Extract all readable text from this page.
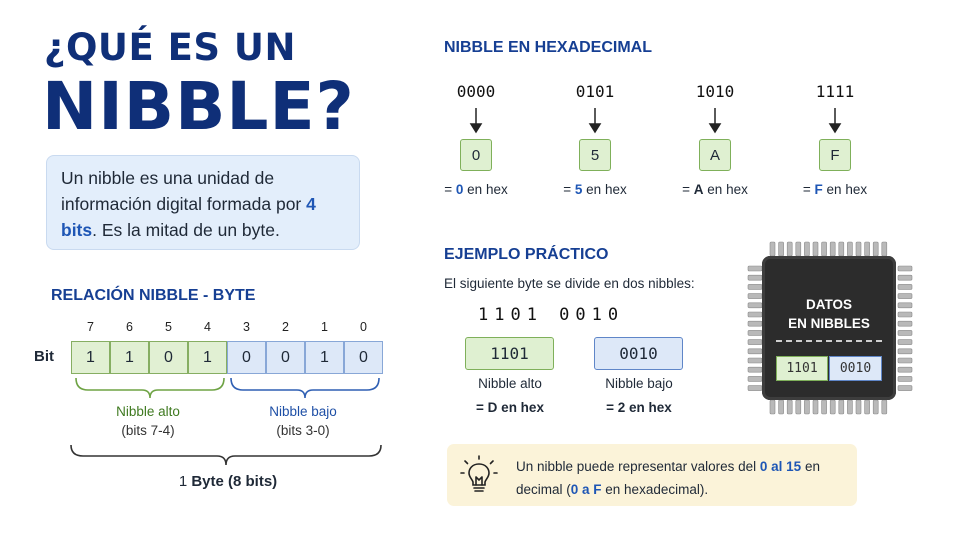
¿QUÉ ES UN
NIBBLE?
Un nibble es una unidad de información digital formada por 4 bits. Es la mitad de un byte.
RELACIÓN NIBBLE - BYTE
7	6	5	4	3	2	1	0
Bit	1	1	0	1	0	0	1	0
Nibble alto
(bits 7-4)
Nibble bajo
(bits 3-0)
1 Byte (8 bits)
NIBBLE EN HEXADECIMAL
0000	0101	1010	1111
0	5	A	F
= 0 en hex	= 5 en hex	= A en hex	= F en hex
EJEMPLO PRÁCTICO
El siguiente byte se divide en dos nibbles:
1101 0010
1101	0010
Nibble alto	Nibble bajo
= D en hex	= 2 en hex
DATOS
EN NIBBLES
1101	0010
Un nibble puede representar valores del 0 al 15 en decimal (0 a F en hexadecimal).
